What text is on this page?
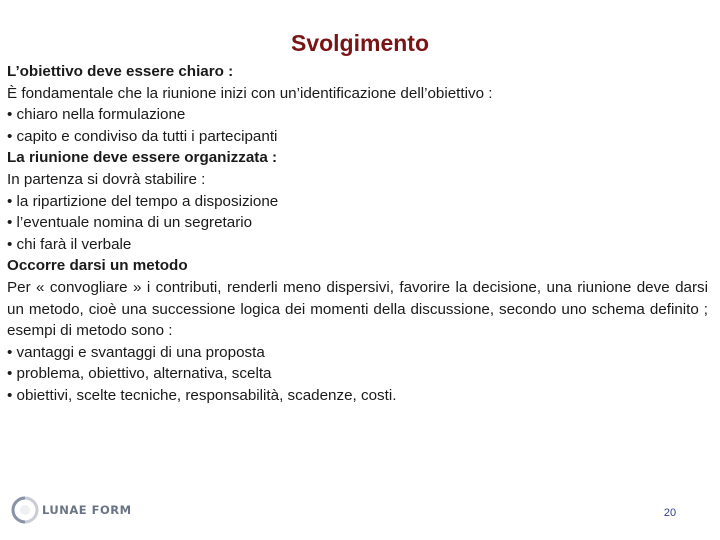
Svolgimento
L’obiettivo deve essere chiaro :
È fondamentale che la riunione inizi con un’identificazione dell’obiettivo :
• chiaro nella formulazione
• capito e condiviso da tutti i partecipanti
La riunione deve essere organizzata :
In partenza si dovrà stabilire :
• la ripartizione del tempo a disposizione
• l’eventuale nomina di un segretario
• chi farà il verbale
Occorre darsi un metodo
Per « convogliare » i contributi, renderli meno dispersivi, favorire la decisione, una riunione deve darsi un metodo, cioè una successione logica dei momenti della discussione, secondo uno schema definito ; esempi di metodo sono :
• vantaggi e svantaggi di una proposta
• problema, obiettivo, alternativa, scelta
• obiettivi, scelte tecniche, responsabilità, scadenze, costi.
LUNAE FORM	20
